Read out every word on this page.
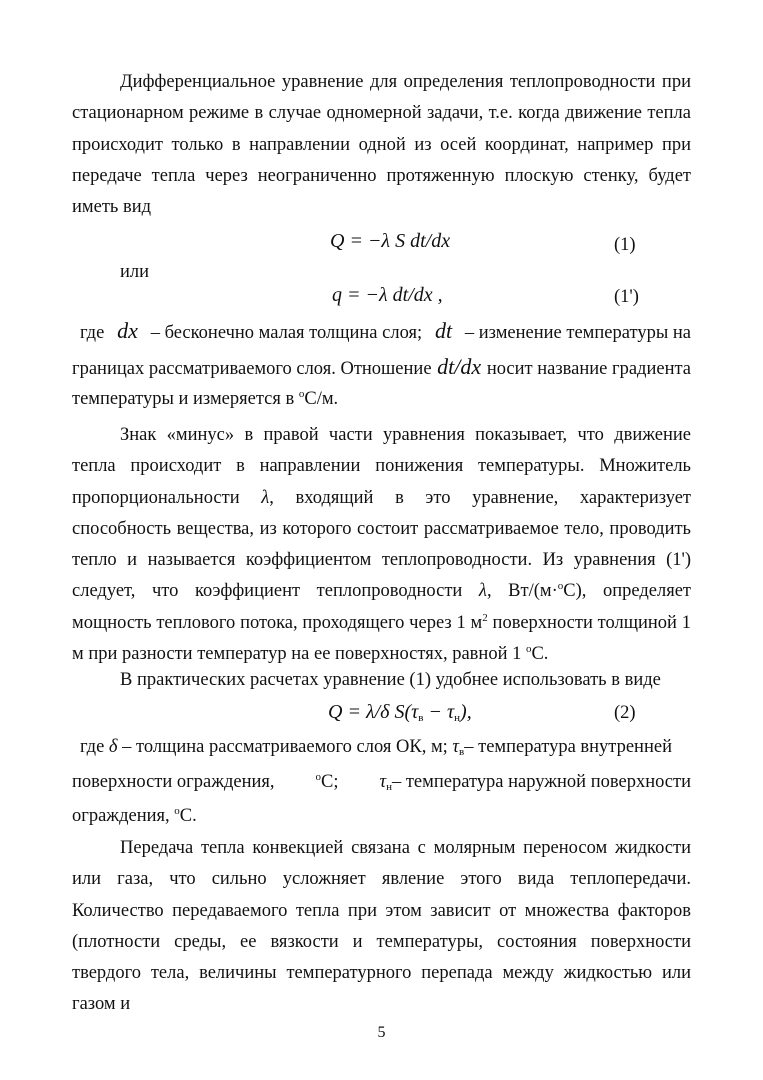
Дифференциальное уравнение для определения теплопроводности при стационарном режиме в случае одномерной задачи, т.е. когда движение тепла происходит только в направлении одной из осей координат, например при передаче тепла через неограниченно протяженную плоскую стенку, будет иметь вид
Q = −λ S dt/dx	(1)
или
q = −λ dt/dx ,	(1')
где dx – бесконечно малая толщина слоя; dt – изменение температуры на
границах рассматриваемого слоя. Отношение dt/dx носит название градиента
температуры и измеряется в $^o$С/м.
Знак «минус» в правой части уравнения показывает, что движение тепла происходит в направлении понижения температуры. Множитель пропорциональности λ, входящий в это уравнение, характеризует способность вещества, из которого состоит рассматриваемое тело, проводить тепло и называется коэффициентом теплопроводности. Из уравнения (1') следует, что коэффициент теплопроводности λ, Вт/(м·$^o$С), определяет мощность теплового потока, проходящего через 1 $м^2$ поверхности толщиной 1 м при разности температур на ее поверхностях, равной 1 $^o$С.
В практических расчетах уравнение (1) удобнее использовать в виде
Q = λ/δ $S(\tau_в - \tau_н)$,	(2)
где δ – толщина рассматриваемого слоя ОК, м; $\tau_в-$ температура внутренней
поверхности ограждения,	$^o$С; $\tau_н-$ температура наружной поверхности
ограждения, $^o$С.
Передача тепла конвекцией связана с молярным переносом жидкости или газа, что сильно усложняет явление этого вида теплопередачи. Количество передаваемого тепла при этом зависит от множества факторов (плотности среды, ее вязкости и температуры, состояния поверхности твердого тела, величины температурного перепада между жидкостью или газом и
5
